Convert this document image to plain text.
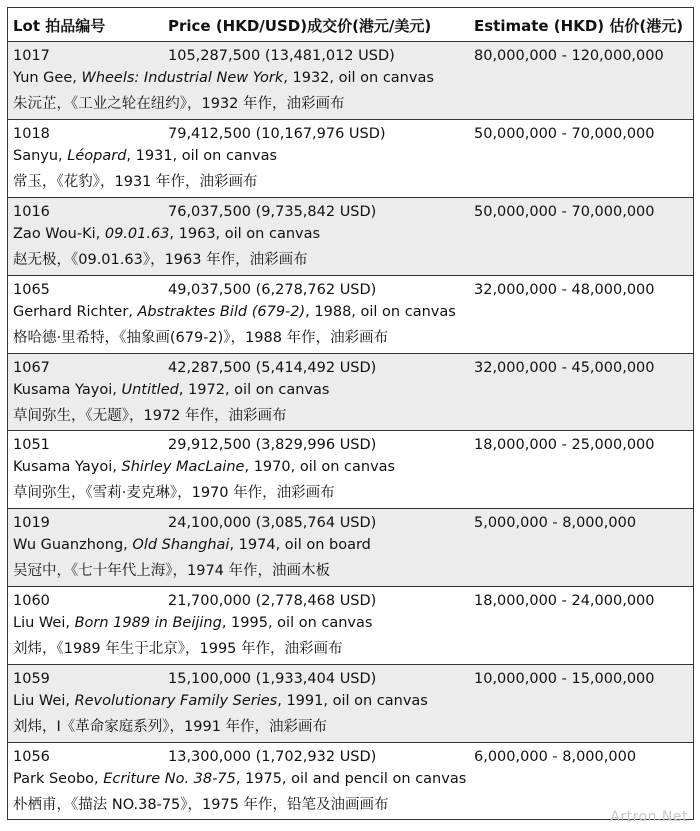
Lot 拍品编号	Price (HKD/USD)成交价(港元/美元)	Estimate (HKD) 估价(港元)
1017	105,287,500 (13,481,012 USD)	80,000,000 - 120,000,000
Yun Gee, Wheels: Industrial New York, 1932, oil on canvas
朱沅芷，《工业之轮在纽约》，1932 年作，油彩画布
1018	79,412,500 (10,167,976 USD)	50,000,000 - 70,000,000
Sanyu, Léopard, 1931, oil on canvas
常玉，《花豹》，1931 年作，油彩画布
1016	76,037,500 (9,735,842 USD)	50,000,000 - 70,000,000
Zao Wou-Ki, 09.01.63, 1963, oil on canvas
赵无极，《09.01.63》，1963 年作，油彩画布
1065	49,037,500 (6,278,762 USD)	32,000,000 - 48,000,000
Gerhard Richter, Abstraktes Bild (679-2), 1988, oil on canvas
格哈德·里希特，《抽象画(679-2)》，1988 年作，油彩画布
1067	42,287,500 (5,414,492 USD)	32,000,000 - 45,000,000
Kusama Yayoi, Untitled, 1972, oil on canvas
草间弥生，《无题》，1972 年作，油彩画布
1051	29,912,500 (3,829,996 USD)	18,000,000 - 25,000,000
Kusama Yayoi, Shirley MacLaine, 1970, oil on canvas
草间弥生，《雪莉·麦克琳》，1970 年作，油彩画布
1019	24,100,000 (3,085,764 USD)	5,000,000 - 8,000,000
Wu Guanzhong, Old Shanghai, 1974, oil on board
吴冠中，《七十年代上海》，1974 年作，油画木板
1060	21,700,000 (2,778,468 USD)	18,000,000 - 24,000,000
Liu Wei, Born 1989 in Beijing, 1995, oil on canvas
刘炜，《1989 年生于北京》，1995 年作，油彩画布
1059	15,100,000 (1,933,404 USD)	10,000,000 - 15,000,000
Liu Wei, Revolutionary Family Series, 1991, oil on canvas
刘炜，I《革命家庭系列》，1991 年作，油彩画布
1056	13,300,000 (1,702,932 USD)	6,000,000 - 8,000,000
Park Seobo, Ecriture No. 38-75, 1975, oil and pencil on canvas
朴栖甫，《描法 NO.38-75》，1975 年作，铅笔及油画画布
Artron.Net
